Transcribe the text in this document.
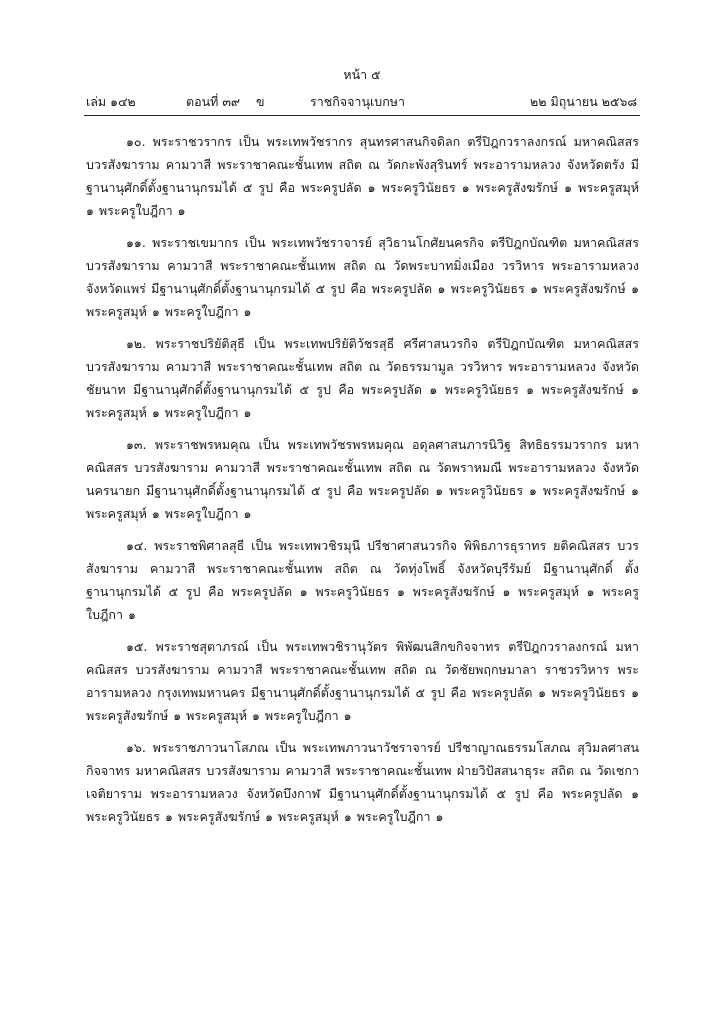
หน้า ๕
เล่ม ๑๔๒	ตอนที่ ๓๙ ข	ราชกิจจานุเบกษา	๒๒ มิถุนายน ๒๕๖๘

๑๐. พระราชวรากร เป็น พระเทพวัชรากร สุนทรศาสนกิจดิลก ตรีปิฎกวราลงกรณ์ มหาคณิสสร บวรสังฆาราม คามวาสี พระราชาคณะชั้นเทพ สถิต ณ วัดกะพังสุรินทร์ พระอารามหลวง จังหวัดตรัง มีฐานานุศักดิ์ตั้งฐานานุกรมได้ ๕ รูป คือ พระครูปลัด ๑ พระครูวินัยธร ๑ พระครูสังฆรักษ์ ๑ พระครูสมุห์ ๑ พระครูใบฎีกา ๑

๑๑. พระราชเขมากร เป็น พระเทพวัชราจารย์ สุวิธานโกศัยนครกิจ ตรีปิฎกบัณฑิต มหาคณิสสร บวรสังฆาราม คามวาสี พระราชาคณะชั้นเทพ สถิต ณ วัดพระบาทมิ่งเมือง วรวิหาร พระอารามหลวง จังหวัดแพร่ มีฐานานุศักดิ์ตั้งฐานานุกรมได้ ๕ รูป คือ พระครูปลัด ๑ พระครูวินัยธร ๑ พระครูสังฆรักษ์ ๑ พระครูสมุห์ ๑ พระครูใบฎีกา ๑

๑๒. พระราชปริยัติสุธี เป็น พระเทพปริยัติวัชรสุธี ศรีศาสนวรกิจ ตรีปิฎกบัณฑิต มหาคณิสสร บวรสังฆาราม คามวาสี พระราชาคณะชั้นเทพ สถิต ณ วัดธรรมามูล วรวิหาร พระอารามหลวง จังหวัดชัยนาท มีฐานานุศักดิ์ตั้งฐานานุกรมได้ ๕ รูป คือ พระครูปลัด ๑ พระครูวินัยธร ๑ พระครูสังฆรักษ์ ๑ พระครูสมุห์ ๑ พระครูใบฎีกา ๑

๑๓. พระราชพรหมคุณ เป็น พระเทพวัชรพรหมคุณ อดุลศาสนภารนิวิฐ สิทธิธรรมวรากร มหาคณิสสร บวรสังฆาราม คามวาสี พระราชาคณะชั้นเทพ สถิต ณ วัดพราหมณี พระอารามหลวง จังหวัดนครนายก มีฐานานุศักดิ์ตั้งฐานานุกรมได้ ๕ รูป คือ พระครูปลัด ๑ พระครูวินัยธร ๑ พระครูสังฆรักษ์ ๑ พระครูสมุห์ ๑ พระครูใบฎีกา ๑

๑๔. พระราชพิศาลสุธี เป็น พระเทพวชิรมุนี ปรีชาศาสนวรกิจ พิพิธภารธุราทร ยติคณิสสร บวรสังฆาราม คามวาสี พระราชาคณะชั้นเทพ สถิต ณ วัดทุ่งโพธิ์ จังหวัดบุรีรัมย์ มีฐานานุศักดิ์ ตั้งฐานานุกรมได้ ๕ รูป คือ พระครูปลัด ๑ พระครูวินัยธร ๑ พระครูสังฆรักษ์ ๑ พระครูสมุห์ ๑ พระครูใบฎีกา ๑

๑๕. พระราชสุตาภรณ์ เป็น พระเทพวชิรานุวัตร พิพัฒนสิกขกิจจาทร ตรีปิฎกวราลงกรณ์ มหาคณิสสร บวรสังฆาราม คามวาสี พระราชาคณะชั้นเทพ สถิต ณ วัดชัยพฤกษมาลา ราชวรวิหาร พระอารามหลวง กรุงเทพมหานคร มีฐานานุศักดิ์ตั้งฐานานุกรมได้ ๕ รูป คือ พระครูปลัด ๑ พระครูวินัยธร ๑ พระครูสังฆรักษ์ ๑ พระครูสมุห์ ๑ พระครูใบฎีกา ๑

๑๖. พระราชภาวนาโสภณ เป็น พระเทพภาวนาวัชราจารย์ ปรีชาญาณธรรมโสภณ สุวิมลศาสนกิจจาทร มหาคณิสสร บวรสังฆาราม คามวาสี พระราชาคณะชั้นเทพ ฝ่ายวิปัสสนาธุระ สถิต ณ วัดเชกาเจติยาราม พระอารามหลวง จังหวัดบึงกาฬ มีฐานานุศักดิ์ตั้งฐานานุกรมได้ ๕ รูป คือ พระครูปลัด ๑ พระครูวินัยธร ๑ พระครูสังฆรักษ์ ๑ พระครูสมุห์ ๑ พระครูใบฎีกา ๑
